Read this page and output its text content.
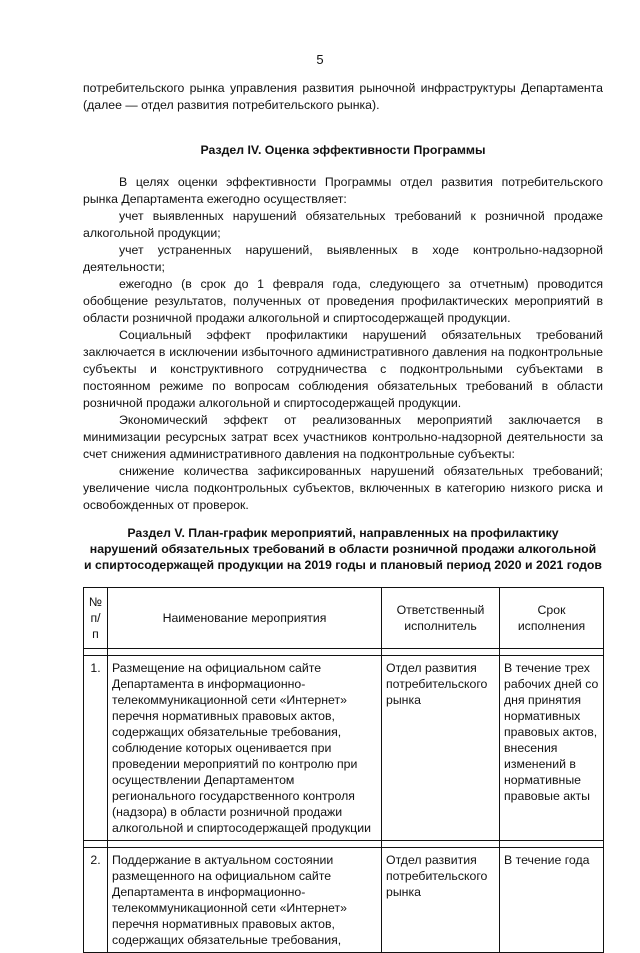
5

потребительского рынка управления развития рыночной инфраструктуры Департамента (далее — отдел развития потребительского рынка).

Раздел IV. Оценка эффективности Программы

В целях оценки эффективности Программы отдел развития потребительского рынка Департамента ежегодно осуществляет:

учет выявленных нарушений обязательных требований к розничной продаже алкогольной продукции;

учет устраненных нарушений, выявленных в ходе контрольно-надзорной деятельности;

ежегодно (в срок до 1 февраля года, следующего за отчетным) проводится обобщение результатов, полученных от проведения профилактических мероприятий в области розничной продажи алкогольной и спиртосодержащей продукции.

Социальный эффект профилактики нарушений обязательных требований заключается в исключении избыточного административного давления на подконтрольные субъекты и конструктивного сотрудничества с подконтрольными субъектами в постоянном режиме по вопросам соблюдения обязательных требований в области розничной продажи алкогольной и спиртосодержащей продукции.

Экономический эффект от реализованных мероприятий заключается в минимизации ресурсных затрат всех участников контрольно-надзорной деятельности за счет снижения административного давления на подконтрольные субъекты:

снижение количества зафиксированных нарушений обязательных требований; увеличение числа подконтрольных субъектов, включенных в категорию низкого риска и освобожденных от проверок.

Раздел V. План-график мероприятий, направленных на профилактику
нарушений обязательных требований в области розничной продажи алкогольной
и спиртосодержащей продукции на 2019 годы и плановый период 2020 и 2021 годов
№ п/п	Наименование мероприятия	Ответственный исполнитель	Срок исполнения

1.	Размещение на официальном сайте Департамента в информационно-телекоммуникационной сети «Интернет» перечня нормативных правовых актов, содержащих обязательные требования, соблюдение которых оценивается при проведении мероприятий по контролю при осуществлении Департаментом регионального государственного контроля (надзора) в области розничной продажи алкогольной и спиртосодержащей продукции	Отдел развития потребительского рынка	В течение трех рабочих дней со дня принятия нормативных правовых актов, внесения изменений в нормативные правовые акты

2.	Поддержание в актуальном состоянии размещенного на официальном сайте Департамента в информационно-телекоммуникационной сети «Интернет» перечня нормативных правовых актов, содержащих обязательные требования,	Отдел развития потребительского рынка	В течение года
